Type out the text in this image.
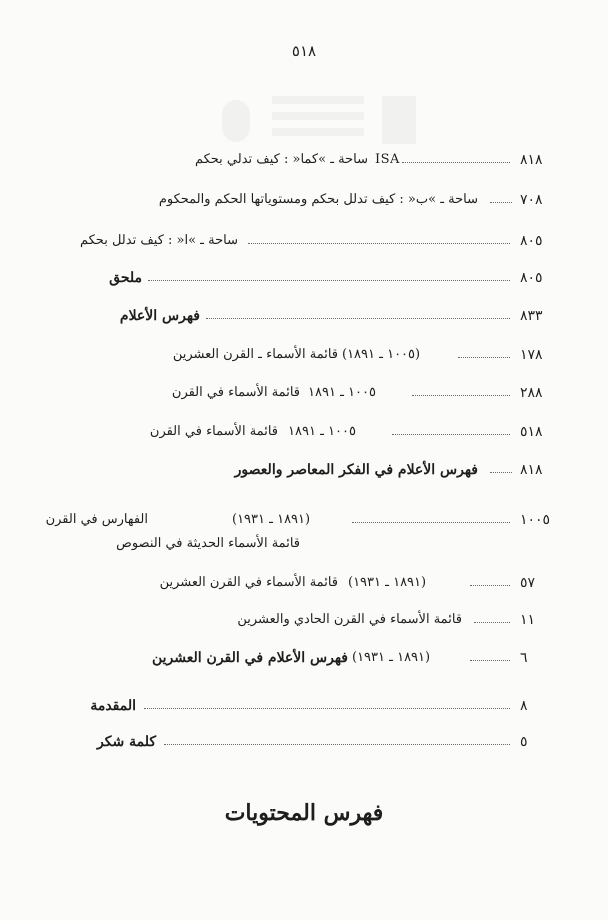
٥١٨
٨١٨
ISA
ساحة ـ »كما« : كيف تدلي بحكم
٧٠٨
ساحة ـ »ب« : كيف تدلل بحكم ومستوياتها الحكم والمحكوم
٨٠٥
ساحة ـ »ا« : كيف تدلل بحكم
٨٠٥
ملحق
٨٣٣
فهرس الأعلام
١٧٨
(١٠٠٥ ـ ١٨٩١)
قائمة الأسماء ـ القرن العشرين
٢٨٨
١٠٠٥ ـ ١٨٩١
قائمة الأسماء في القرن
٥١٨
١٠٠٥ ـ ١٨٩١
قائمة الأسماء في القرن
٨١٨
فهرس الأعلام في الفكر المعاصر والعصور
١٠٠٥
(١٨٩١ ـ ١٩٣١)
الفهارس في القرن
قائمة الأسماء الحديثة في النصوص
٥٧
(١٨٩١ ـ ١٩٣١)
قائمة الأسماء في القرن العشرين
١١
قائمة الأسماء في القرن الحادي والعشرين
٦
(١٨٩١ ـ ١٩٣١)
فهرس الأعلام في القرن العشرين
٨
المقدمة
٥
كلمة شكر
فهرس المحتويات
